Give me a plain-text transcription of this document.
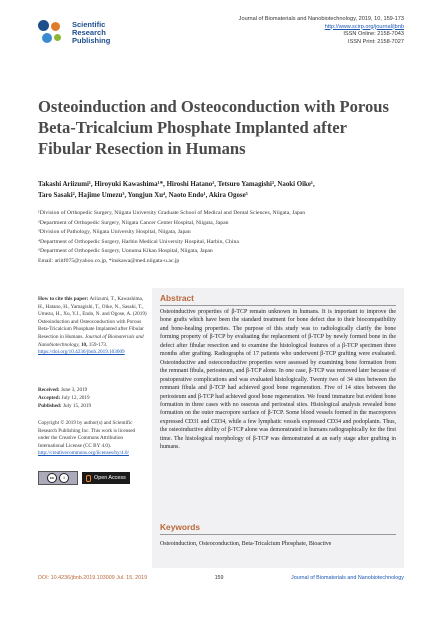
Scientific
Research
Publishing
Journal of Biomaterials and Nanobiotechnology, 2019, 10, 159-173
http://www.scirp.org/journal/jbnb
ISSN Online: 2158-7043
ISSN Print: 2158-7027
Osteoinduction and Osteoconduction with Porous Beta-Tricalcium Phosphate Implanted after Fibular Resection in Humans
Takashi Ariizumi¹, Hiroyuki Kawashima¹*, Hiroshi Hatano², Tetsuro Yamagishi³, Naoki Oike¹,
Taro Sasaki², Hajime Umezu³, Yongjun Xu⁴, Naoto Endo¹, Akira Ogose⁵
¹Division of Orthopedic Surgery, Niigata University Graduate School of Medical and Dental Sciences, Niigata, Japan
²Department of Orthopedic Surgery, Niigata Cancer Center Hospital, Niigata, Japan
³Division of Pathology, Niigata University Hospital, Niigata, Japan
⁴Department of Orthopedic Surgery, Harbin Medical University Hospital, Harbin, China
⁵Department of Orthopedic Surgery, Uonuma Kikan Hospital, Niigata, Japan
Email: ariitf075@yahoo.co.jp, *inskawa@med.niigata-u.ac.jp
How to cite this paper: Ariizumi, T., Kawashima, H., Hatano, H., Yamagishi, T., Oike, N., Sasaki, T., Umezu, H., Xu, Y.J., Endo, N. and Ogose, A. (2019) Osteoinduction and Osteoconduction with Porous Beta-Tricalcium Phosphate Implanted after Fibular Resection in Humans. Journal of Biomaterials and Nanobiotechnology, 10, 159-173. https://doi.org/10.4236/jbnb.2019.103009
Received: June 3, 2019
Accepted: July 12, 2019
Published: July 15, 2019
Copyright © 2019 by author(s) and Scientific Research Publishing Inc. This work is licensed under the Creative Commons Attribution International License (CC BY 4.0). http://creativecommons.org/licenses/by/4.0/
cc	i	Open Access
Abstract
Osteoinductive properties of β-TCP remain unknown in humans. It is important to improve the bone grafts which have been the standard treatment for bone defect due to their biocompatibility and bone-healing properties. The purpose of this study was to radiologically clarify the bone forming property of β-TCP by evaluating the replacement of β-TCP by newly formed bone in the defect after fibular resection and to examine the histological features of a β-TCP specimen three months after grafting. Radiographs of 17 patients who underwent β-TCP grafting were evaluated. Osteoinductive and osteoconductive properties were assessed by examining bone formation from the remnant fibula, periosteum, and β-TCP alone. In one case, β-TCP was removed later because of postoperative complications and was evaluated histologically. Twenty two of 34 sites between the remnant fibula and β-TCP had achieved good bone regeneration. Five of 14 sites between the periosteum and β-TCP had achieved good bone regeneration. We found immature but evident bone formation in three cases with no osseous and periosteal sites. Histological analysis revealed bone formation on the outer macropore surface of β-TCP. Some blood vessels formed in the macropores expressed CD31 and CD34, while a few lymphatic vessels expressed CD34 and podoplanin. Thus, the osteoinductive ability of β-TCP alone was demonstrated in humans radiographically for the first time. The histological morphology of β-TCP was demonstrated at an early stage after grafting in humans.
Keywords
Osteoinduction, Osteoconduction, Beta-Tricalcium Phosphate, Bioactive
DOI: 10.4236/jbnb.2019.103009 Jul. 15, 2019	159	Journal of Biomaterials and Nanobiotechnology
